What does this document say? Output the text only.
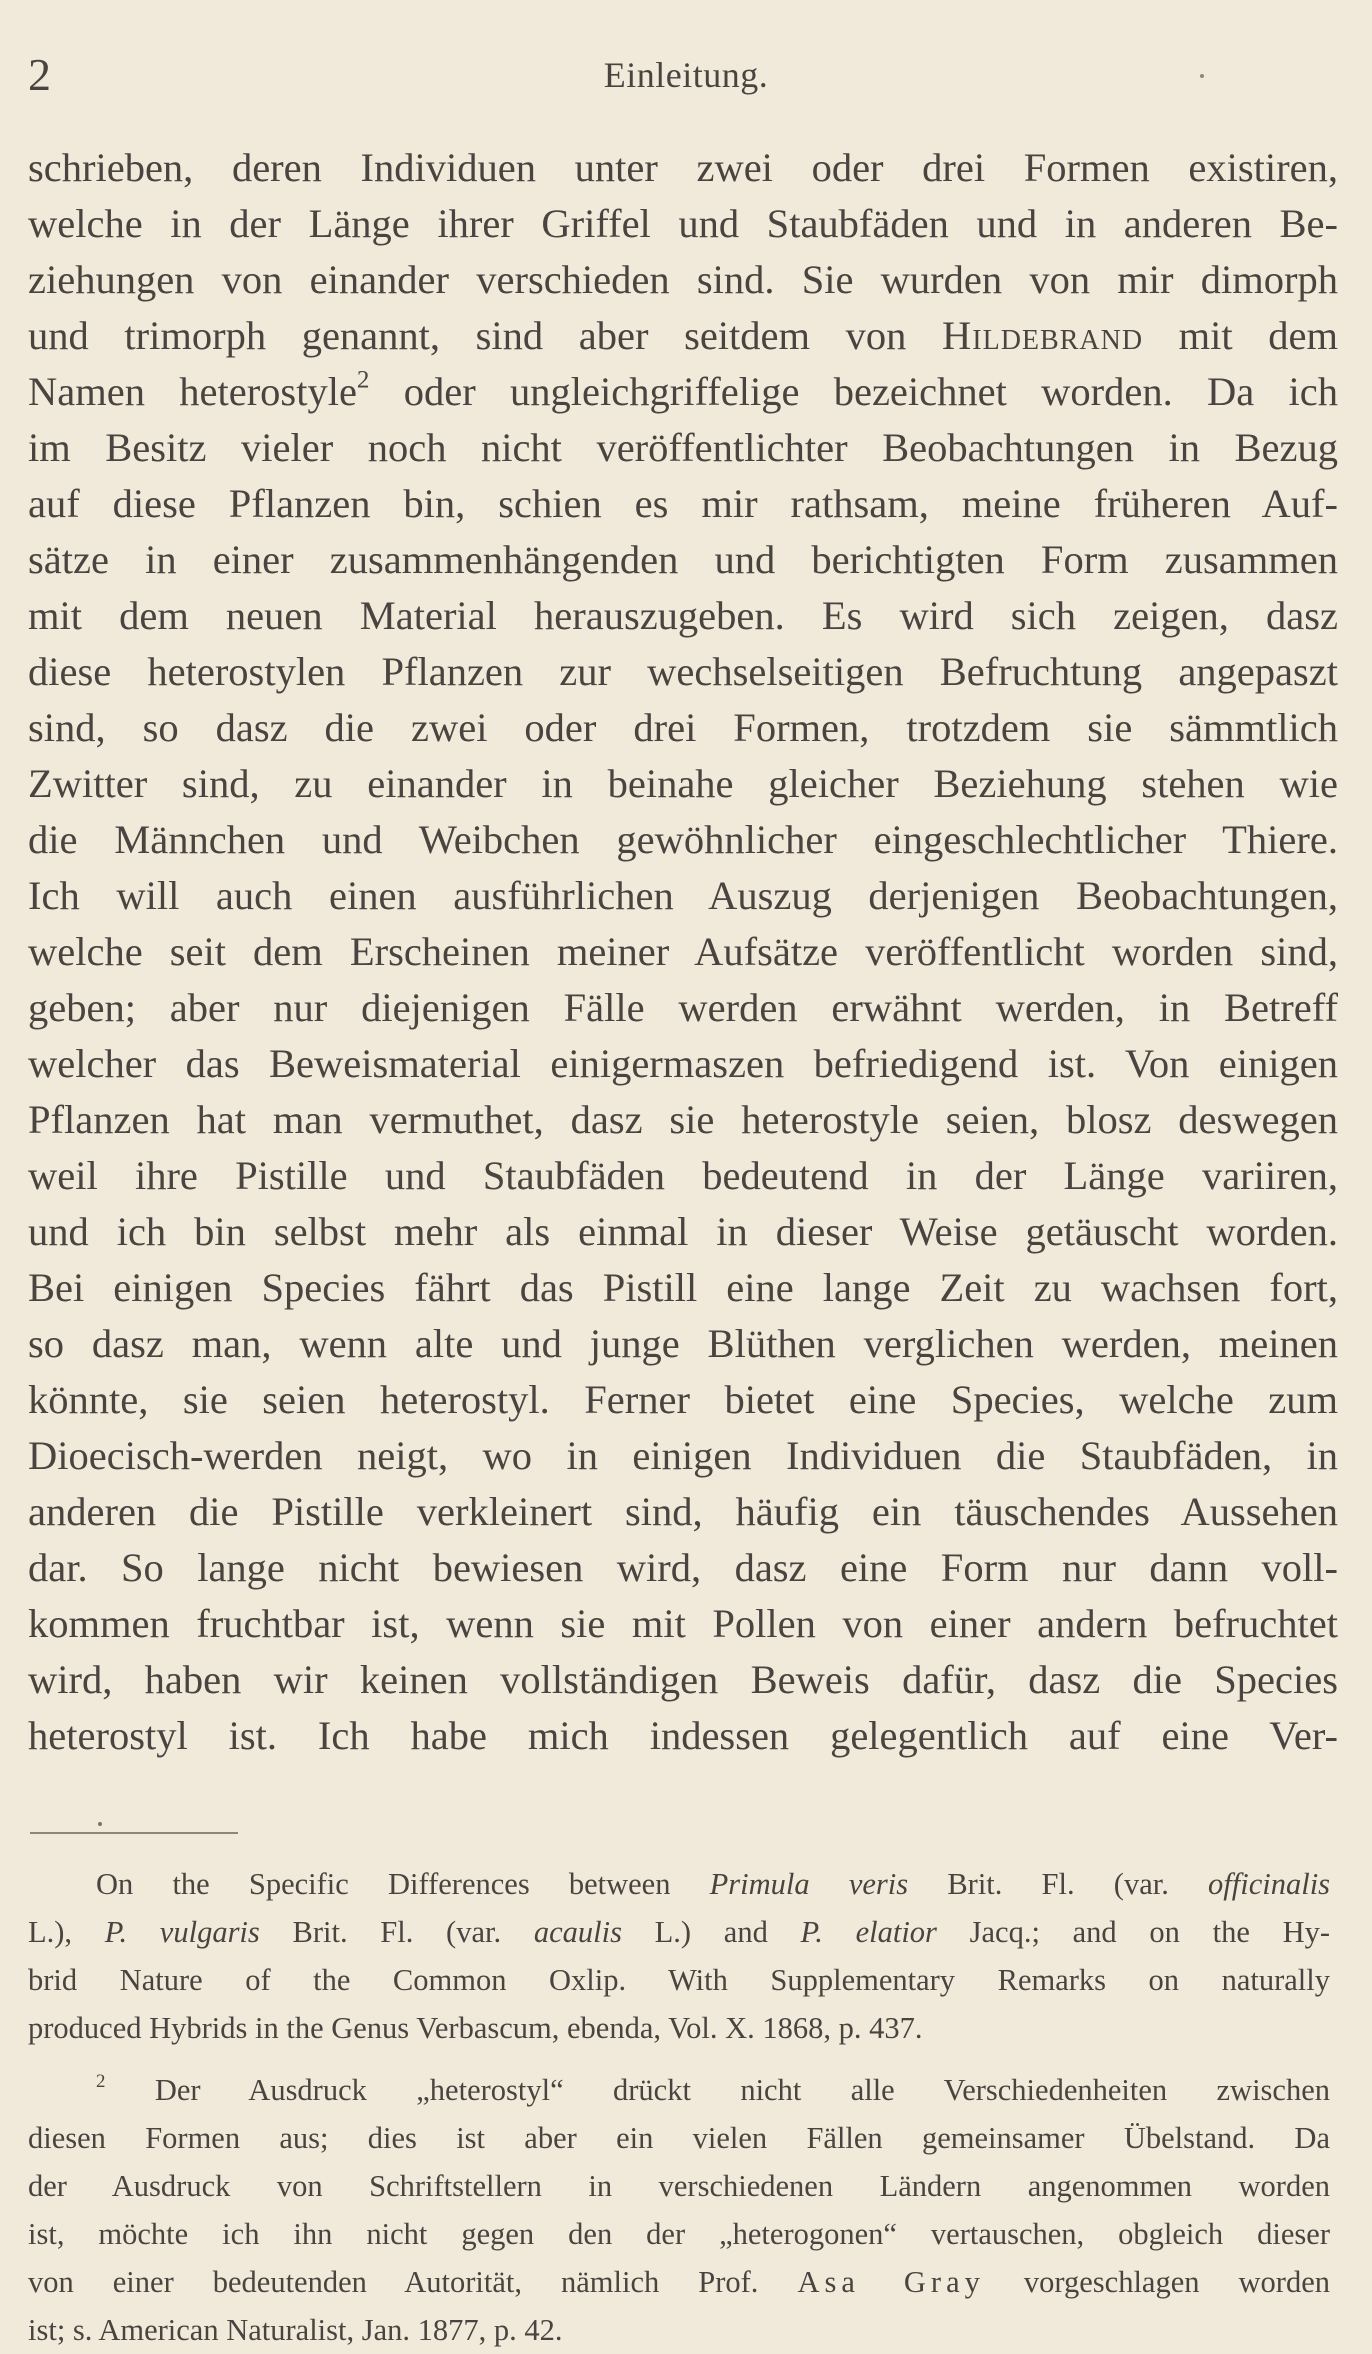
2	Einleitung.
schrieben, deren Individuen unter zwei oder drei Formen existiren,
welche in der Länge ihrer Griffel und Staubfäden und in anderen Be-
ziehungen von einander verschieden sind. Sie wurden von mir dimorph
und trimorph genannt, sind aber seitdem von Hildebrand mit dem
Namen heterostyle$^2$ oder ungleichgriffelige bezeichnet worden. Da ich
im Besitz vieler noch nicht veröffentlichter Beobachtungen in Bezug
auf diese Pflanzen bin, schien es mir rathsam, meine früheren Auf-
sätze in einer zusammenhängenden und berichtigten Form zusammen
mit dem neuen Material herauszugeben. Es wird sich zeigen, dasz
diese heterostylen Pflanzen zur wechselseitigen Befruchtung angepaszt
sind, so dasz die zwei oder drei Formen, trotzdem sie sämmtlich
Zwitter sind, zu einander in beinahe gleicher Beziehung stehen wie
die Männchen und Weibchen gewöhnlicher eingeschlechtlicher Thiere.
Ich will auch einen ausführlichen Auszug derjenigen Beobachtungen,
welche seit dem Erscheinen meiner Aufsätze veröffentlicht worden sind,
geben; aber nur diejenigen Fälle werden erwähnt werden, in Betreff
welcher das Beweismaterial einigermaszen befriedigend ist. Von einigen
Pflanzen hat man vermuthet, dasz sie heterostyle seien, blosz deswegen
weil ihre Pistille und Staubfäden bedeutend in der Länge variiren,
und ich bin selbst mehr als einmal in dieser Weise getäuscht worden.
Bei einigen Species fährt das Pistill eine lange Zeit zu wachsen fort,
so dasz man, wenn alte und junge Blüthen verglichen werden, meinen
könnte, sie seien heterostyl. Ferner bietet eine Species, welche zum
Dioecisch-werden neigt, wo in einigen Individuen die Staubfäden, in
anderen die Pistille verkleinert sind, häufig ein täuschendes Aussehen
dar. So lange nicht bewiesen wird, dasz eine Form nur dann voll-
kommen fruchtbar ist, wenn sie mit Pollen von einer andern befruchtet
wird, haben wir keinen vollständigen Beweis dafür, dasz die Species
heterostyl ist. Ich habe mich indessen gelegentlich auf eine Ver-
On the Specific Differences between Primula veris Brit. Fl. (var. officinalis
L.), P. vulgaris Brit. Fl. (var. acaulis L.) and P. elatior Jacq.; and on the Hy-
brid Nature of the Common Oxlip. With Supplementary Remarks on naturally
produced Hybrids in the Genus Verbascum, ebenda, Vol. X. 1868, p. 437.
$^2$ Der Ausdruck „heterostyl“ drückt nicht alle Verschiedenheiten zwischen
diesen Formen aus; dies ist aber ein vielen Fällen gemeinsamer Übelstand. Da
der Ausdruck von Schriftstellern in verschiedenen Ländern angenommen worden
ist, möchte ich ihn nicht gegen den der „heterogonen“ vertauschen, obgleich dieser
von einer bedeutenden Autorität, nämlich Prof. Asa Gray vorgeschlagen worden
ist; s. American Naturalist, Jan. 1877, p. 42.
